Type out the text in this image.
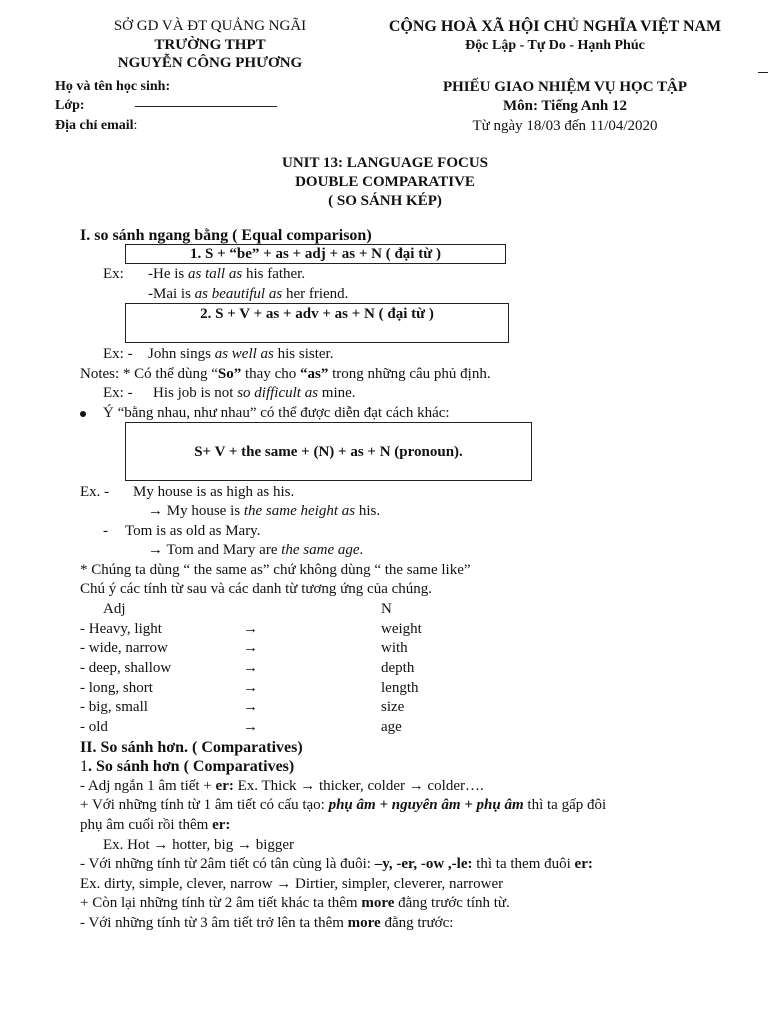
SỞ GD VÀ ĐT QUẢNG NGÃI
TRƯỜNG THPT
NGUYỄN CÔNG PHƯƠNG
CỘNG HOÀ XÃ HỘI CHỦ NGHĨA VIỆT NAM
Độc Lập - Tự Do - Hạnh Phúc
Họ và tên học sinh:
Lớp:
Địa chỉ email:
PHIẾU GIAO NHIỆM VỤ HỌC TẬP
Môn: Tiếng Anh 12
Từ ngày 18/03 đến 11/04/2020
UNIT 13: LANGUAGE FOCUS
DOUBLE COMPARATIVE
( SO SÁNH KÉP)
I. so sánh ngang bằng ( Equal comparison)
1. S + “be” + as + adj + as + N ( đại từ )
Ex: -He is as tall as his father.
-Mai is as beautiful as her friend.
2. S + V + as + adv + as + N ( đại từ )
Ex: - John sings as well as his sister.
Notes: * Có thể dùng “So” thay cho “as” trong những câu phủ định.
Ex: - His job is not so difficult as mine.
Ý “bằng nhau, như nhau” có thể được diễn đạt cách khác:
S+ V + the same + (N) + as + N (pronoun).
Ex. - My house is as high as his.
→ My house is the same height as his.
- Tom is as old as Mary.
→ Tom and Mary are the same age.
* Chúng ta dùng “ the same as” chứ không dùng “ the same like”
Chú ý các tính từ sau và các danh từ tương ứng của chúng.
Adj	N
- Heavy, light	→	weight
- wide, narrow	→	with
- deep, shallow	→	depth
- long, short	→	length
- big, small	→	size
- old	→	age
II. So sánh hơn. ( Comparatives)
1. So sánh hơn ( Comparatives)
- Adj ngắn 1 âm tiết + er: Ex. Thick → thicker, colder → colder….
+ Với những tính từ 1 âm tiết có cấu tạo: phụ âm + nguyên âm + phụ âm thì ta gấp đôi
phụ âm cuối rồi thêm er:
Ex. Hot → hotter, big → bigger
- Với những tính từ 2âm tiết có tân cùng là đuôi: –y, -er, -ow ,-le: thì ta them đuôi er:
Ex. dirty, simple, clever, narrow → Dirtier, simpler, cleverer, narrower
+ Còn lại những tính từ 2 âm tiết khác ta thêm more đằng trước tính từ.
- Với những tính từ 3 âm tiết trở lên ta thêm more đằng trước:
